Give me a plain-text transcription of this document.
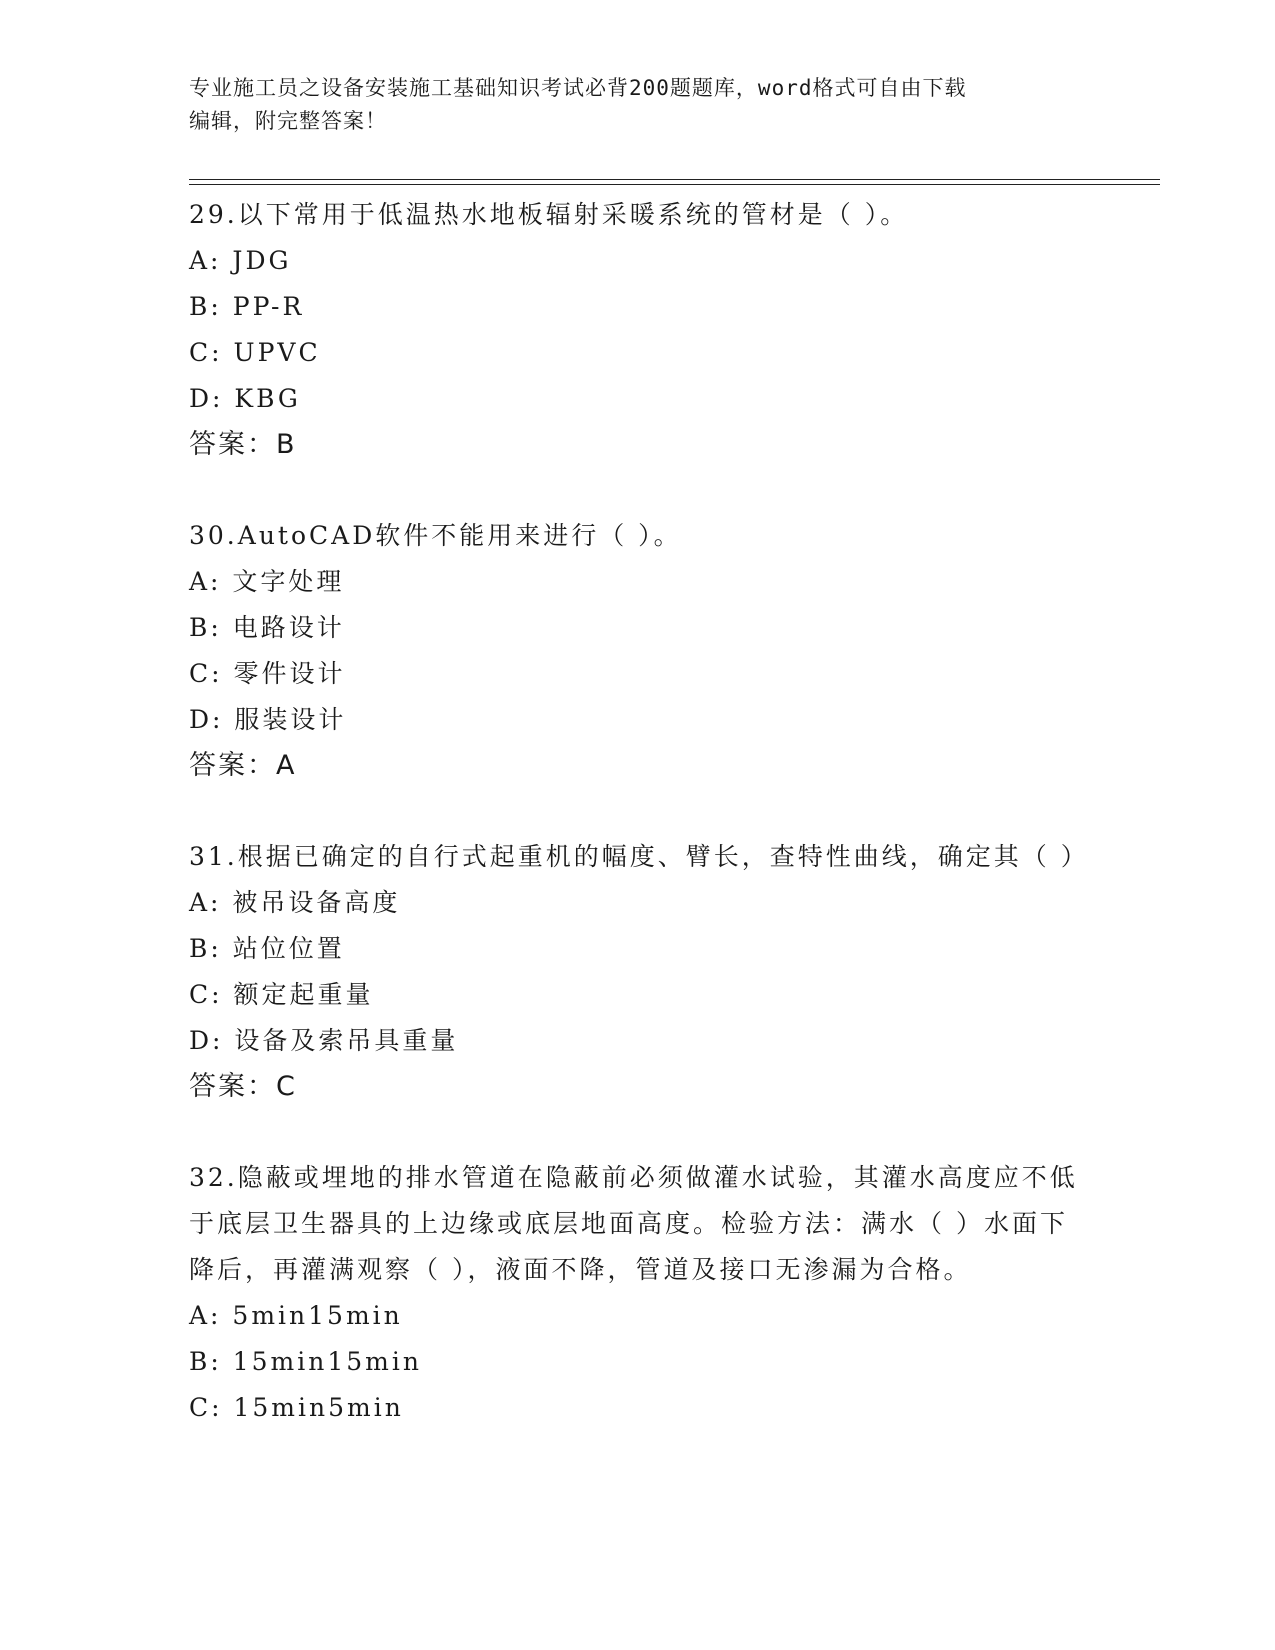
专业施工员之设备安装施工基础知识考试必背200题题库，word格式可自由下载
编辑，附完整答案！
29.以下常用于低温热水地板辐射采暖系统的管材是（ ）。
A: JDG
B: PP-R
C: UPVC
D: KBG
答案：B
30.AutoCAD软件不能用来进行（ ）。
A: 文字处理
B: 电路设计
C: 零件设计
D: 服装设计
答案：A
31.根据已确定的自行式起重机的幅度、臂长，查特性曲线，确定其（ ）
A: 被吊设备高度
B: 站位位置
C: 额定起重量
D: 设备及索吊具重量
答案：C
32.隐蔽或埋地的排水管道在隐蔽前必须做灌水试验，其灌水高度应不低于底层卫生器具的上边缘或底层地面高度。检验方法：满水（ ）水面下降后，再灌满观察（ ），液面不降，管道及接口无渗漏为合格。
A: 5min15min
B: 15min15min
C: 15min5min
